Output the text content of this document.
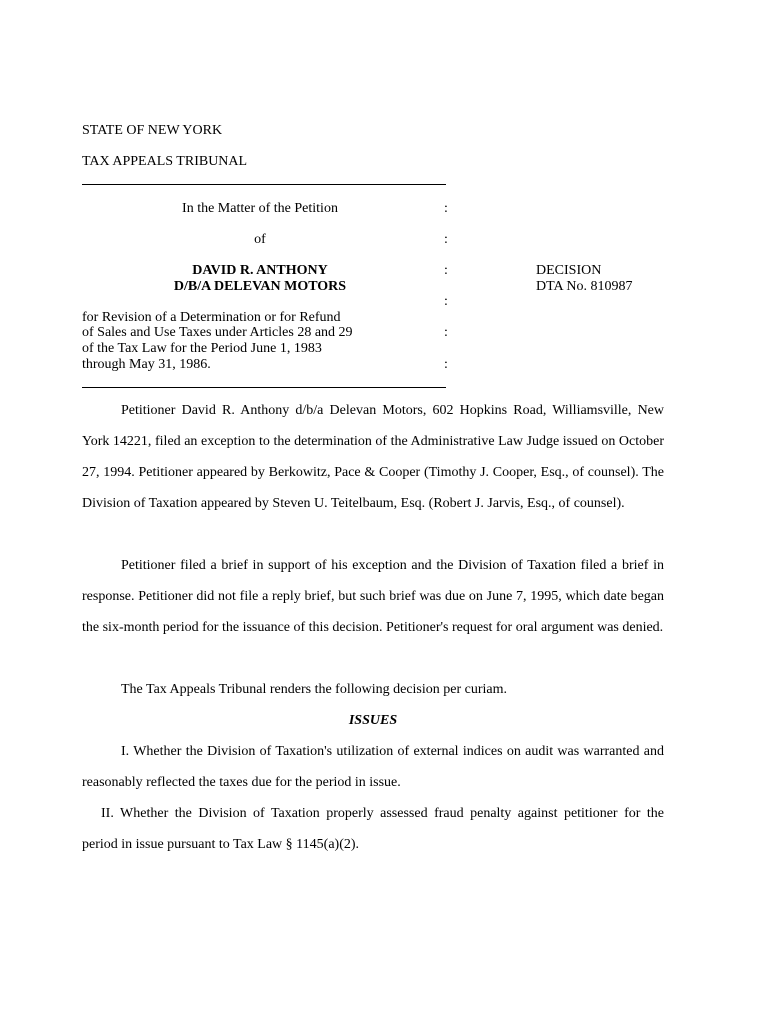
STATE OF NEW YORK
TAX APPEALS TRIBUNAL
In the Matter of the Petition
of
DAVID R. ANTHONY
D/B/A DELEVAN MOTORS
for Revision of a Determination or for Refund
of Sales and Use Taxes under Articles 28 and 29
of the Tax Law for the Period June 1, 1983
through May 31, 1986.
:
:
:
:
:
:
DECISION
DTA No. 810987
Petitioner David R. Anthony d/b/a Delevan Motors, 602 Hopkins Road, Williamsville, New York 14221, filed an exception to the determination of the Administrative Law Judge issued on October 27, 1994. Petitioner appeared by Berkowitz, Pace & Cooper (Timothy J. Cooper, Esq., of counsel). The Division of Taxation appeared by Steven U. Teitelbaum, Esq. (Robert J. Jarvis, Esq., of counsel).
Petitioner filed a brief in support of his exception and the Division of Taxation filed a brief in response. Petitioner did not file a reply brief, but such brief was due on June 7, 1995, which date began the six-month period for the issuance of this decision. Petitioner's request for oral argument was denied.
The Tax Appeals Tribunal renders the following decision per curiam.
ISSUES
I. Whether the Division of Taxation's utilization of external indices on audit was warranted and reasonably reflected the taxes due for the period in issue.
II. Whether the Division of Taxation properly assessed fraud penalty against petitioner for the period in issue pursuant to Tax Law § 1145(a)(2).
